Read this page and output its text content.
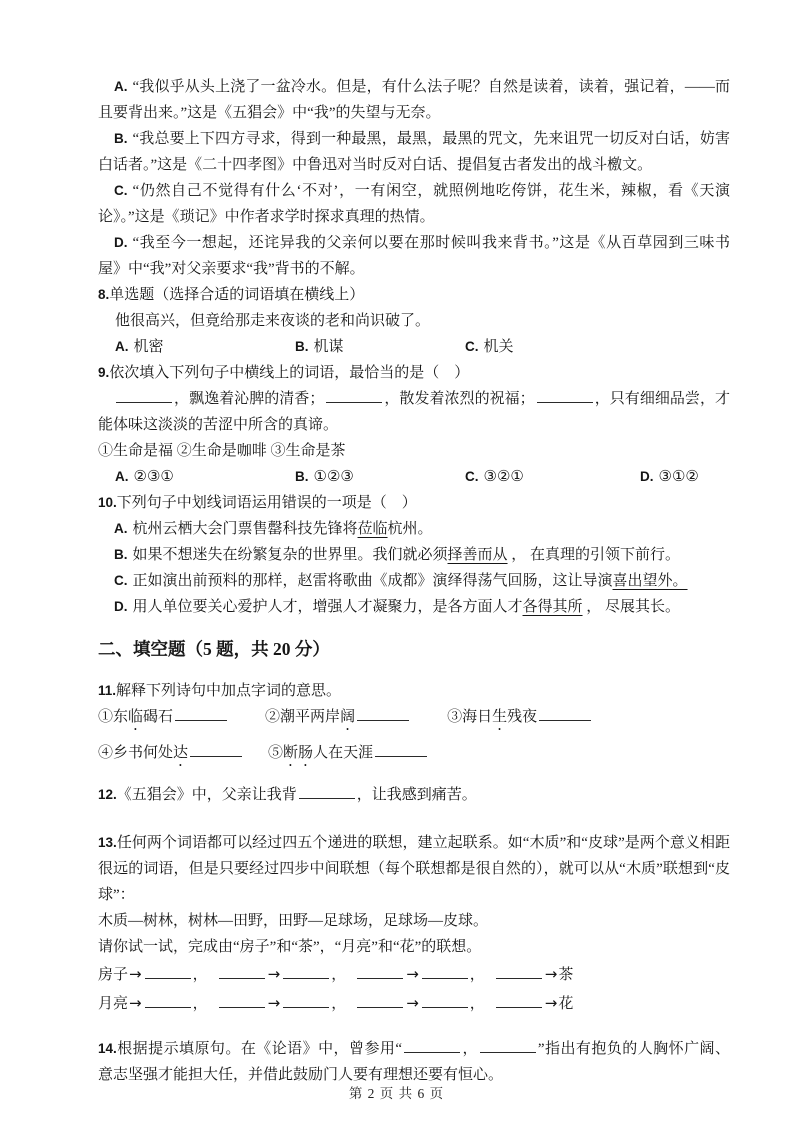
A. “我似乎从头上浇了一盆冷水。但是，有什么法子呢？自然是读着，读着，强记着，——而且要背出来。”这是《五猖会》中“我”的失望与无奈。

B. “我总要上下四方寻求，得到一种最黑，最黑，最黑的咒文，先来诅咒一切反对白话，妨害白话者。”这是《二十四孝图》中鲁迅对当时反对白话、提倡复古者发出的战斗檄文。

C. “仍然自己不觉得有什么‘不对’，一有闲空，就照例地吃侉饼，花生米，辣椒，看《天演论》。”这是《琐记》中作者求学时探求真理的热情。

D. “我至今一想起，还诧异我的父亲何以要在那时候叫我来背书。”这是《从百草园到三味书屋》中“我”对父亲要求“我”背书的不解。

8.单选题（选择合适的词语填在横线上）

他很高兴，但竟给那走来夜谈的老和尚识破了。

A. 机密	B. 机谋	C. 机关

9.依次填入下列句子中横线上的词语，最恰当的是（　）

，飘逸着沁脾的清香；	，散发着浓烈的祝福；	，只有细细品尝，才能体味这淡淡的苦涩中所含的真谛。

①生命是福 ②生命是咖啡 ③生命是茶

A. ②③①	B. ①②③	C. ③②①	D. ③①②

10.下列句子中划线词语运用错误的一项是（　）

A. 杭州云栖大会门票售罄科技先锋将莅临杭州。

B. 如果不想迷失在纷繁复杂的世界里。我们就必须择善而从 ， 在真理的引领下前行。

C. 正如演出前预料的那样，赵雷将歌曲《成都》演绎得荡气回肠，这让导演喜出望外。

D. 用人单位要关心爱护人才，增强人才凝聚力，是各方面人才各得其所 ， 尽展其长。

二、填空题（5 题，共 20 分）

11.解释下列诗句中加点字词的意思。

①东临碣石	②潮平两岸阔	③海日生残夜

④乡书何处达	⑤断肠人在天涯

12.《五猖会》中，父亲让我背	，让我感到痛苦。

13.任何两个词语都可以经过四五个递进的联想，建立起联系。如“木质”和“皮球”是两个意义相距很远的词语，但是只要经过四步中间联想（每个联想都是很自然的），就可以从“木质”联想到“皮球”：

木质—树林，树林—田野，田野—足球场，足球场—皮球。

请你试一试，完成由“房子”和“茶”，“月亮”和“花”的联想。

房子→	，	→	，	→	，	→茶

月亮→	，	→	，	→	，	→花

14.根据提示填原句。在《论语》中，曾参用“	，	”指出有抱负的人胸怀广阔、意志坚强才能担大任，并借此鼓励门人要有理想还要有恒心。

第 2 页 共 6 页
